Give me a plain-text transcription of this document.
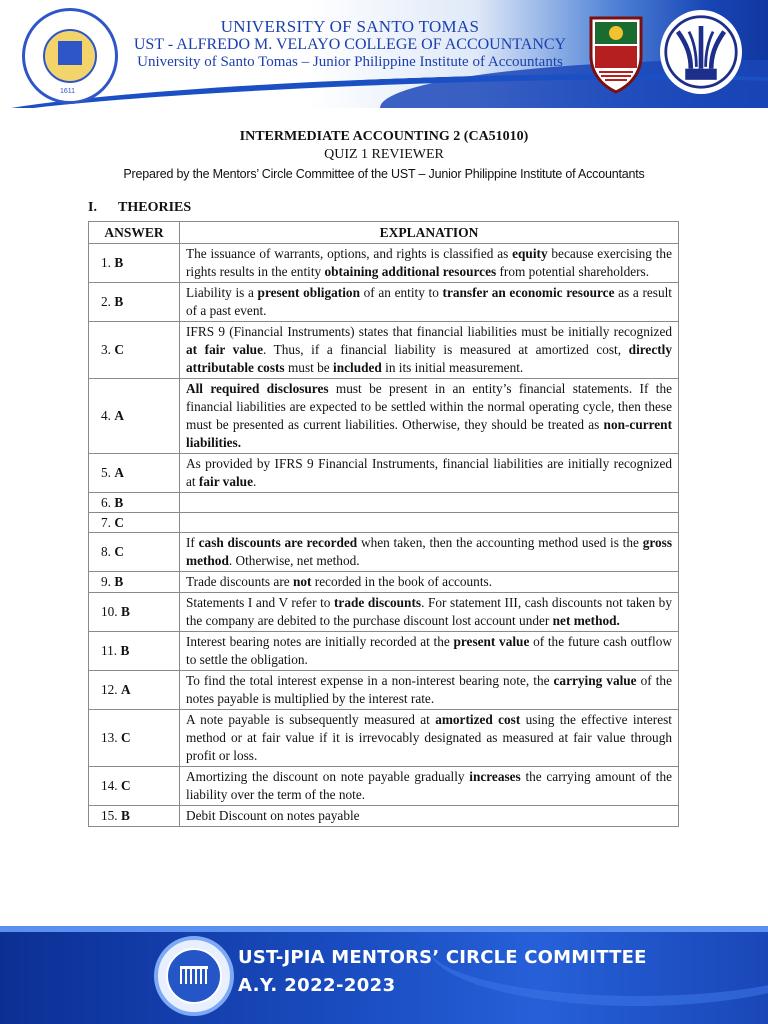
1611
UNIVERSITY OF SANTO TOMAS
UST - ALFREDO M. VELAYO COLLEGE OF ACCOUNTANCY
University of Santo Tomas – Junior Philippine Institute of Accountants
INTERMEDIATE ACCOUNTING 2 (CA51010)
QUIZ 1 REVIEWER
Prepared by the Mentors’ Circle Committee of the UST – Junior Philippine Institute of Accountants
I. THEORIES
ANSWER	EXPLANATION
1. B	The issuance of warrants, options, and rights is classified as equity because exercising the rights results in the entity obtaining additional resources from potential shareholders.
2. B	Liability is a present obligation of an entity to transfer an economic resource as a result of a past event.
3. C	IFRS 9 (Financial Instruments) states that financial liabilities must be initially recognized at fair value. Thus, if a financial liability is measured at amortized cost, directly attributable costs must be included in its initial measurement.
4. A	All required disclosures must be present in an entity’s financial statements. If the financial liabilities are expected to be settled within the normal operating cycle, then these must be presented as current liabilities. Otherwise, they should be treated as non-current liabilities.
5. A	As provided by IFRS 9 Financial Instruments, financial liabilities are initially recognized at fair value.
6. B	
7. C	
8. C	If cash discounts are recorded when taken, then the accounting method used is the gross method. Otherwise, net method.
9. B	Trade discounts are not recorded in the book of accounts.
10. B	Statements I and V refer to trade discounts. For statement III, cash discounts not taken by the company are debited to the purchase discount lost account under net method.
11. B	Interest bearing notes are initially recorded at the present value of the future cash outflow to settle the obligation.
12. A	To find the total interest expense in a non-interest bearing note, the carrying value of the notes payable is multiplied by the interest rate.
13. C	A note payable is subsequently measured at amortized cost using the effective interest method or at fair value if it is irrevocably designated as measured at fair value through profit or loss.
14. C	Amortizing the discount on note payable gradually increases the carrying amount of the liability over the term of the note.
15. B	Debit Discount on notes payable
UST-JPIA MENTORS’ CIRCLE COMMITTEE
A.Y. 2022-2023
